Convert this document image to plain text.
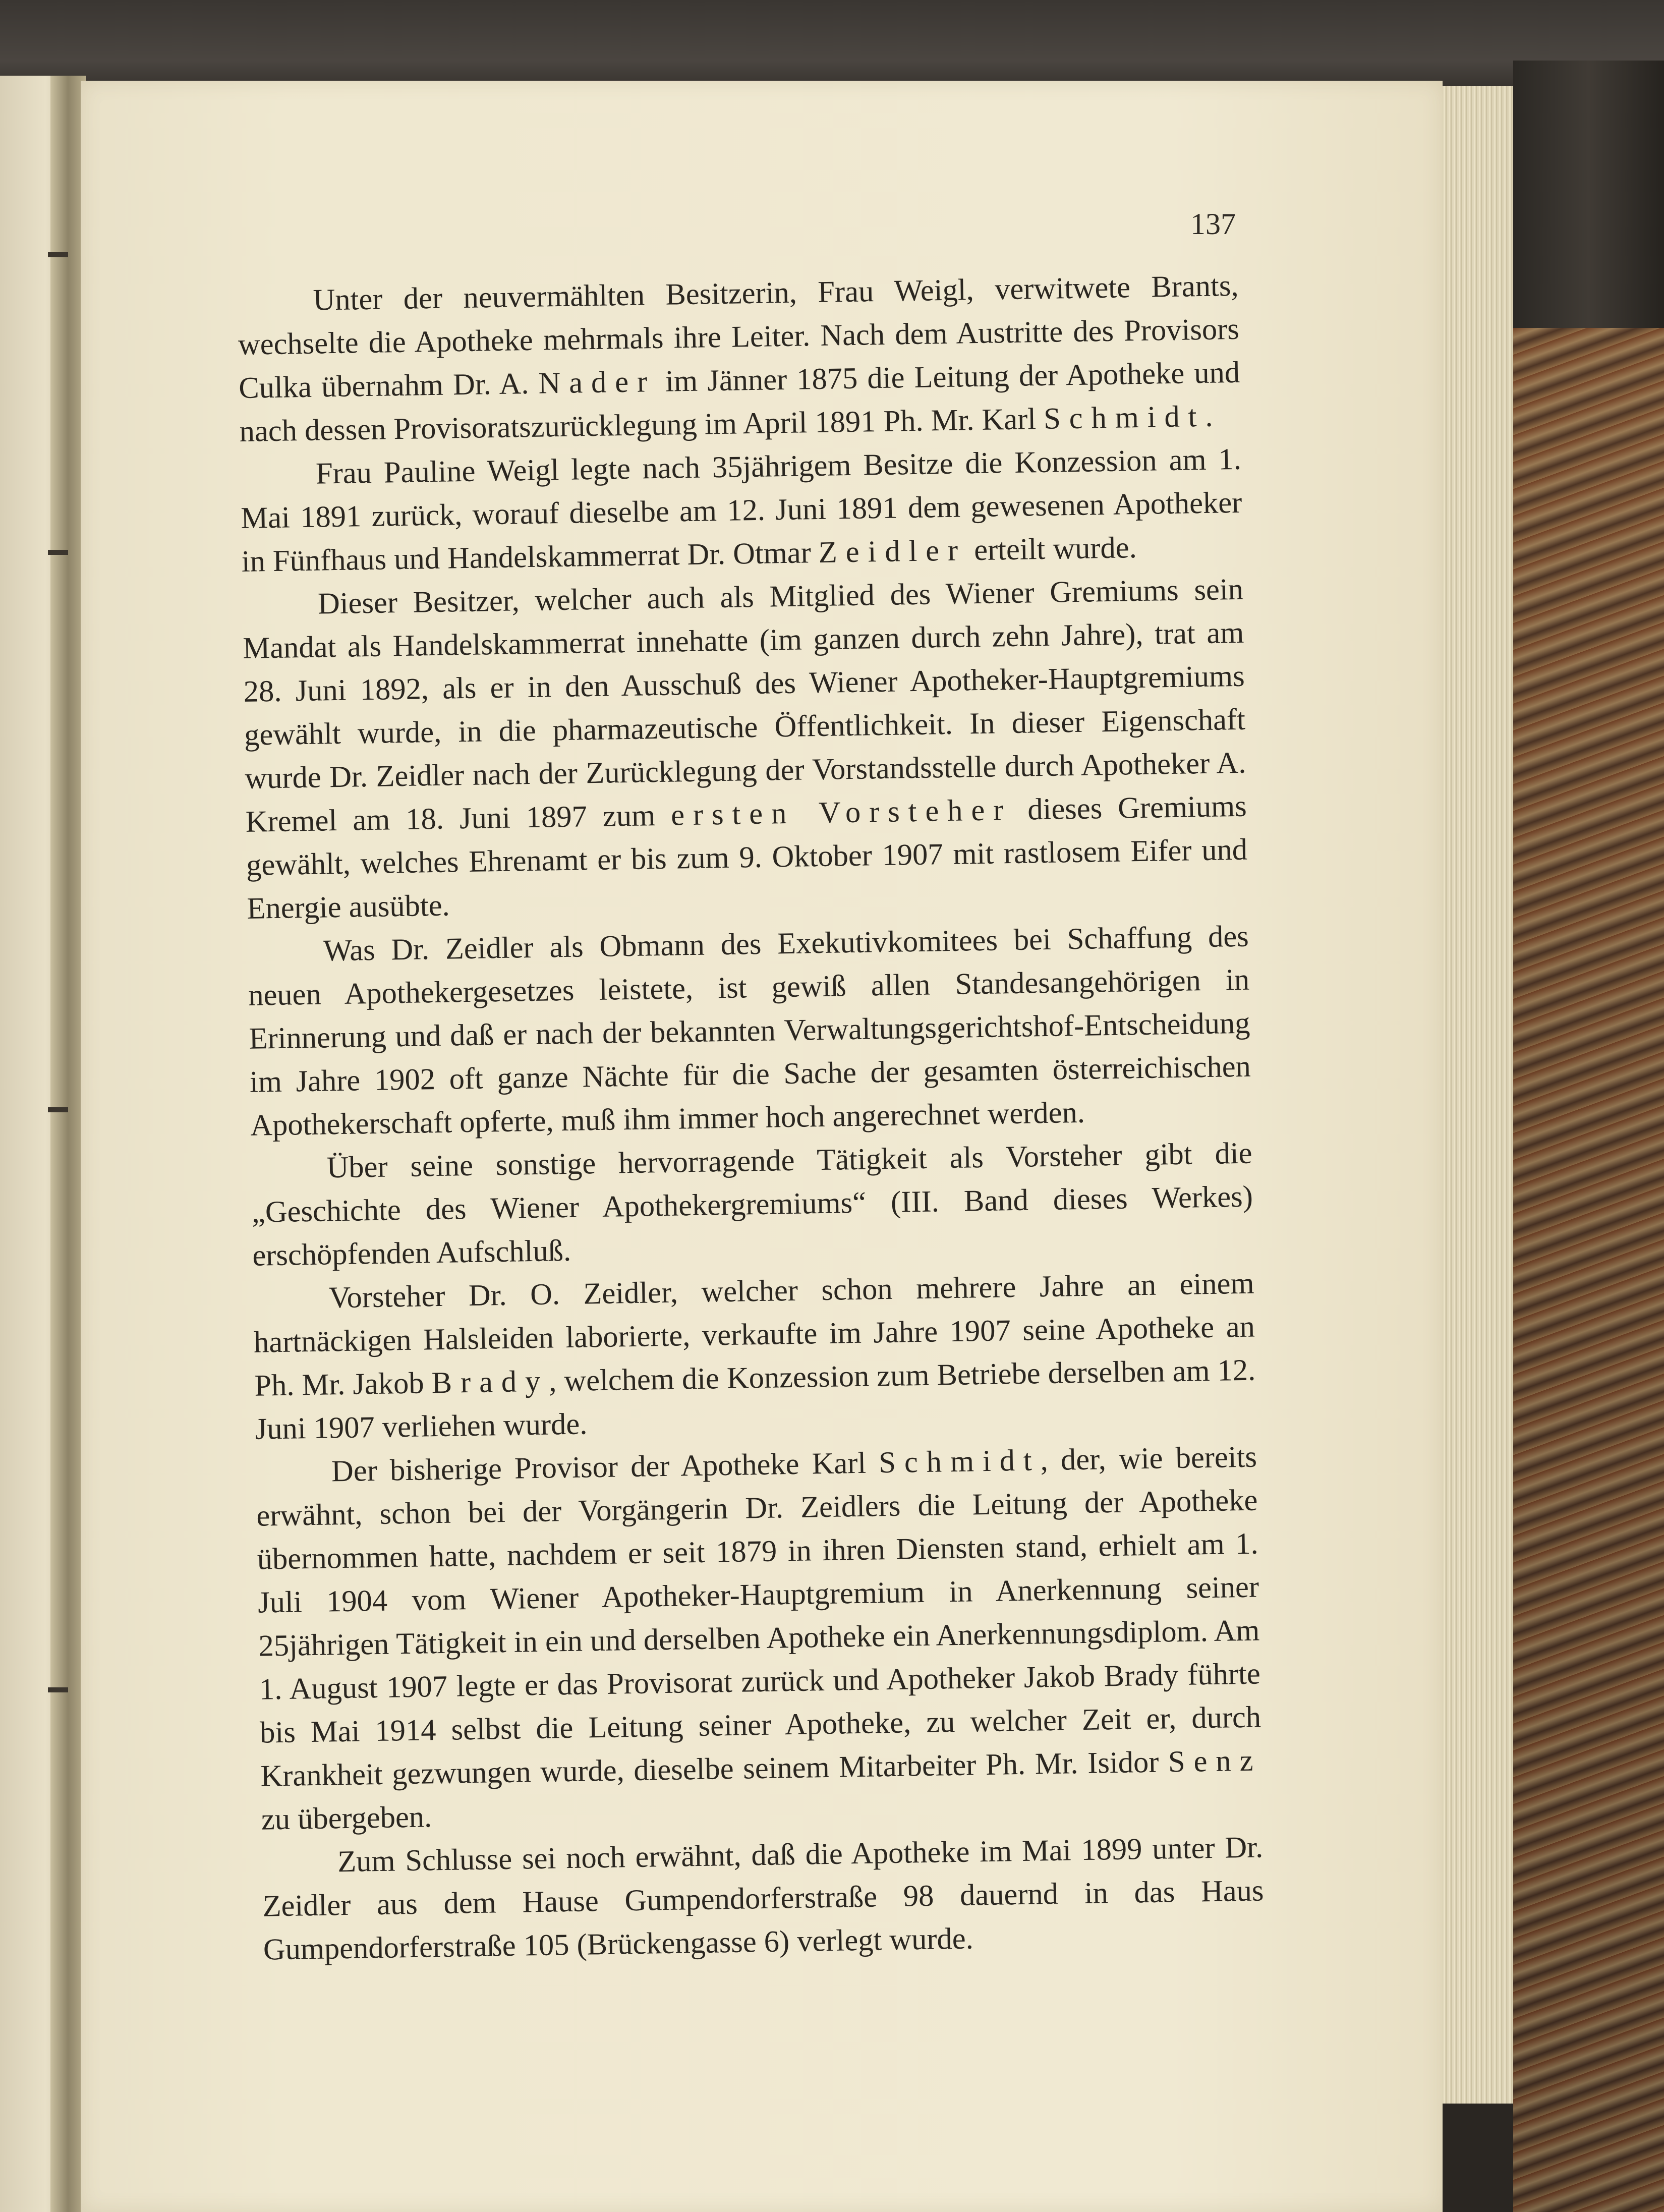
137

Unter der neuvermählten Besitzerin, Frau Weigl, verwitwete Brants, wechselte die Apotheke mehrmals ihre Leiter. Nach dem Austritte des Provisors Culka übernahm Dr. A. Nader im Jänner 1875 die Leitung der Apotheke und nach dessen Provisoratszurücklegung im April 1891 Ph. Mr. Karl Schmidt.

Frau Pauline Weigl legte nach 35jährigem Besitze die Konzession am 1. Mai 1891 zurück, worauf dieselbe am 12. Juni 1891 dem gewesenen Apotheker in Fünfhaus und Handelskammerrat Dr. Otmar Zeidler erteilt wurde.

Dieser Besitzer, welcher auch als Mitglied des Wiener Gremiums sein Mandat als Handelskammerrat innehatte (im ganzen durch zehn Jahre), trat am 28. Juni 1892, als er in den Ausschuß des Wiener Apotheker-Hauptgremiums gewählt wurde, in die pharmazeutische Öffentlichkeit. In dieser Eigenschaft wurde Dr. Zeidler nach der Zurücklegung der Vorstandsstelle durch Apotheker A. Kremel am 18. Juni 1897 zum ersten Vorsteher dieses Gremiums gewählt, welches Ehrenamt er bis zum 9. Oktober 1907 mit rastlosem Eifer und Energie ausübte.

Was Dr. Zeidler als Obmann des Exekutivkomitees bei Schaffung des neuen Apothekergesetzes leistete, ist gewiß allen Standesangehörigen in Erinnerung und daß er nach der bekannten Verwaltungsgerichtshof-Entscheidung im Jahre 1902 oft ganze Nächte für die Sache der gesamten österreichischen Apothekerschaft opferte, muß ihm immer hoch angerechnet werden.

Über seine sonstige hervorragende Tätigkeit als Vorsteher gibt die „Geschichte des Wiener Apothekergremiums“ (III. Band dieses Werkes) erschöpfenden Aufschluß.

Vorsteher Dr. O. Zeidler, welcher schon mehrere Jahre an einem hartnäckigen Halsleiden laborierte, verkaufte im Jahre 1907 seine Apotheke an Ph. Mr. Jakob Brady, welchem die Konzession zum Betriebe derselben am 12. Juni 1907 verliehen wurde.

Der bisherige Provisor der Apotheke Karl Schmidt, der, wie bereits erwähnt, schon bei der Vorgängerin Dr. Zeidlers die Leitung der Apotheke übernommen hatte, nachdem er seit 1879 in ihren Diensten stand, erhielt am 1. Juli 1904 vom Wiener Apotheker-Hauptgremium in Anerkennung seiner 25jährigen Tätigkeit in ein und derselben Apotheke ein Anerkennungsdiplom. Am 1. August 1907 legte er das Provisorat zurück und Apotheker Jakob Brady führte bis Mai 1914 selbst die Leitung seiner Apotheke, zu welcher Zeit er, durch Krankheit gezwungen wurde, dieselbe seinem Mitarbeiter Ph. Mr. Isidor Senz zu übergeben.

Zum Schlusse sei noch erwähnt, daß die Apotheke im Mai 1899 unter Dr. Zeidler aus dem Hause Gumpendorferstraße 98 dauernd in das Haus Gumpendorferstraße 105 (Brückengasse 6) verlegt wurde.
